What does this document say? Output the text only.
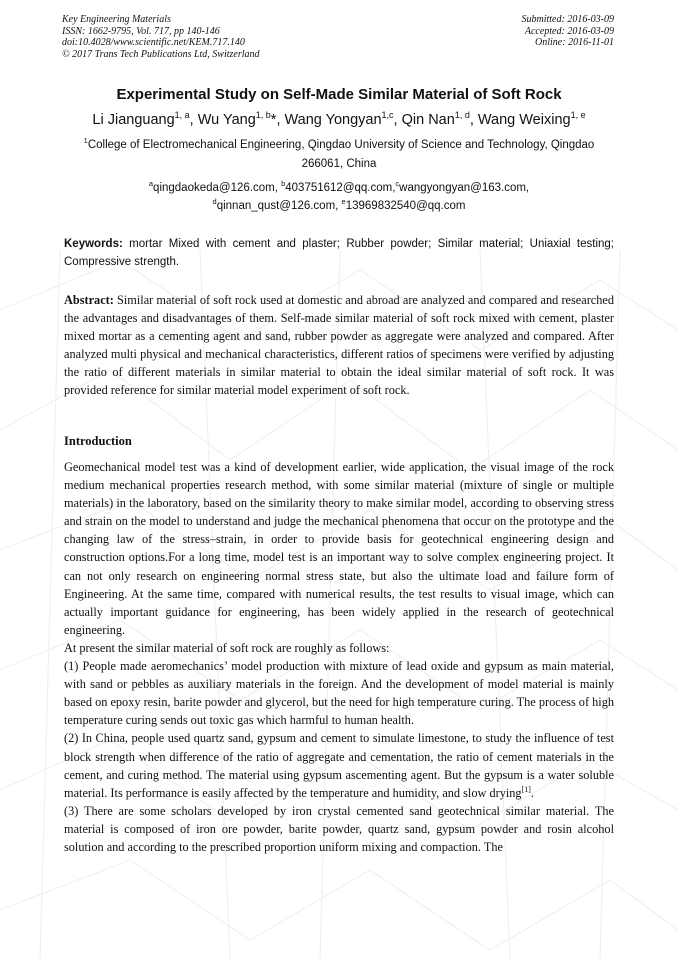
Key Engineering Materials
ISSN: 1662-9795, Vol. 717, pp 140-146
doi:10.4028/www.scientific.net/KEM.717.140
© 2017 Trans Tech Publications Ltd, Switzerland
Submitted: 2016-03-09
Accepted: 2016-03-09
Online: 2016-11-01
Experimental Study on Self-Made Similar Material of Soft Rock
Li Jianguang$^{1, a}$, Wu Yang$^{1, b}$*, Wang Yongyan$^{1,c}$, Qin Nan$^{1, d}$, Wang Weixing$^{1, e}$
$^1$College of Electromechanical Engineering, Qingdao University of Science and Technology, Qingdao 266061, China
$^a$qingdaokeda@126.com, $^b$403751612@qq.com,$^c$wangyongyan@163.com,
$^d$qinnan_qust@126.com, $^e$13969832540@qq.com
Keywords: mortar Mixed with cement and plaster; Rubber powder; Similar material; Uniaxial testing; Compressive strength.
Abstract: Similar material of soft rock used at domestic and abroad are analyzed and compared and researched the advantages and disadvantages of them. Self-made similar material of soft rock mixed with cement, plaster mixed mortar as a cementing agent and sand, rubber powder as aggregate were analyzed and compared. After analyzed multi physical and mechanical characteristics, different ratios of specimens were verified by adjusting the ratio of different materials in similar material to obtain the ideal similar material of soft rock. It was provided reference for similar material model experiment of soft rock.
Introduction

Geomechanical model test was a kind of development earlier, wide application, the visual image of the rock medium mechanical properties research method, with some similar material (mixture of single or multiple materials) in the laboratory, based on the similarity theory to make similar model, according to observing stress and strain on the model to understand and judge the mechanical phenomena that occur on the prototype and the changing law of the stress–strain, in order to provide basis for geotechnical engineering design and construction options.For a long time, model test is an important way to solve complex engineering project. It can not only research on engineering normal stress state, but also the ultimate load and failure form of Engineering. At the same time, compared with numerical results, the test results to visual image, which can actually important guidance for engineering, has been widely applied in the research of geotechnical engineering.

At present the similar material of soft rock are roughly as follows:

(1) People made aeromechanics’ model production with mixture of lead oxide and gypsum as main material, with sand or pebbles as auxiliary materials in the foreign. And the development of model material is mainly based on epoxy resin, barite powder and glycerol, but the need for high temperature curing. The process of high temperature curing sends out toxic gas which harmful to human health.

(2) In China, people used quartz sand, gypsum and cement to simulate limestone, to study the influence of test block strength when difference of the ratio of aggregate and cementation, the ratio of cement materials in the cement, and curing method. The material using gypsum ascementing agent. But the gypsum is a water soluble material. Its performance is easily affected by the temperature and humidity, and slow drying[1].

(3) There are some scholars developed by iron crystal cemented sand geotechnical similar material. The material is composed of iron ore powder, barite powder, quartz sand, gypsum powder and rosin alcohol solution and according to the prescribed proportion uniform mixing and compaction. The
